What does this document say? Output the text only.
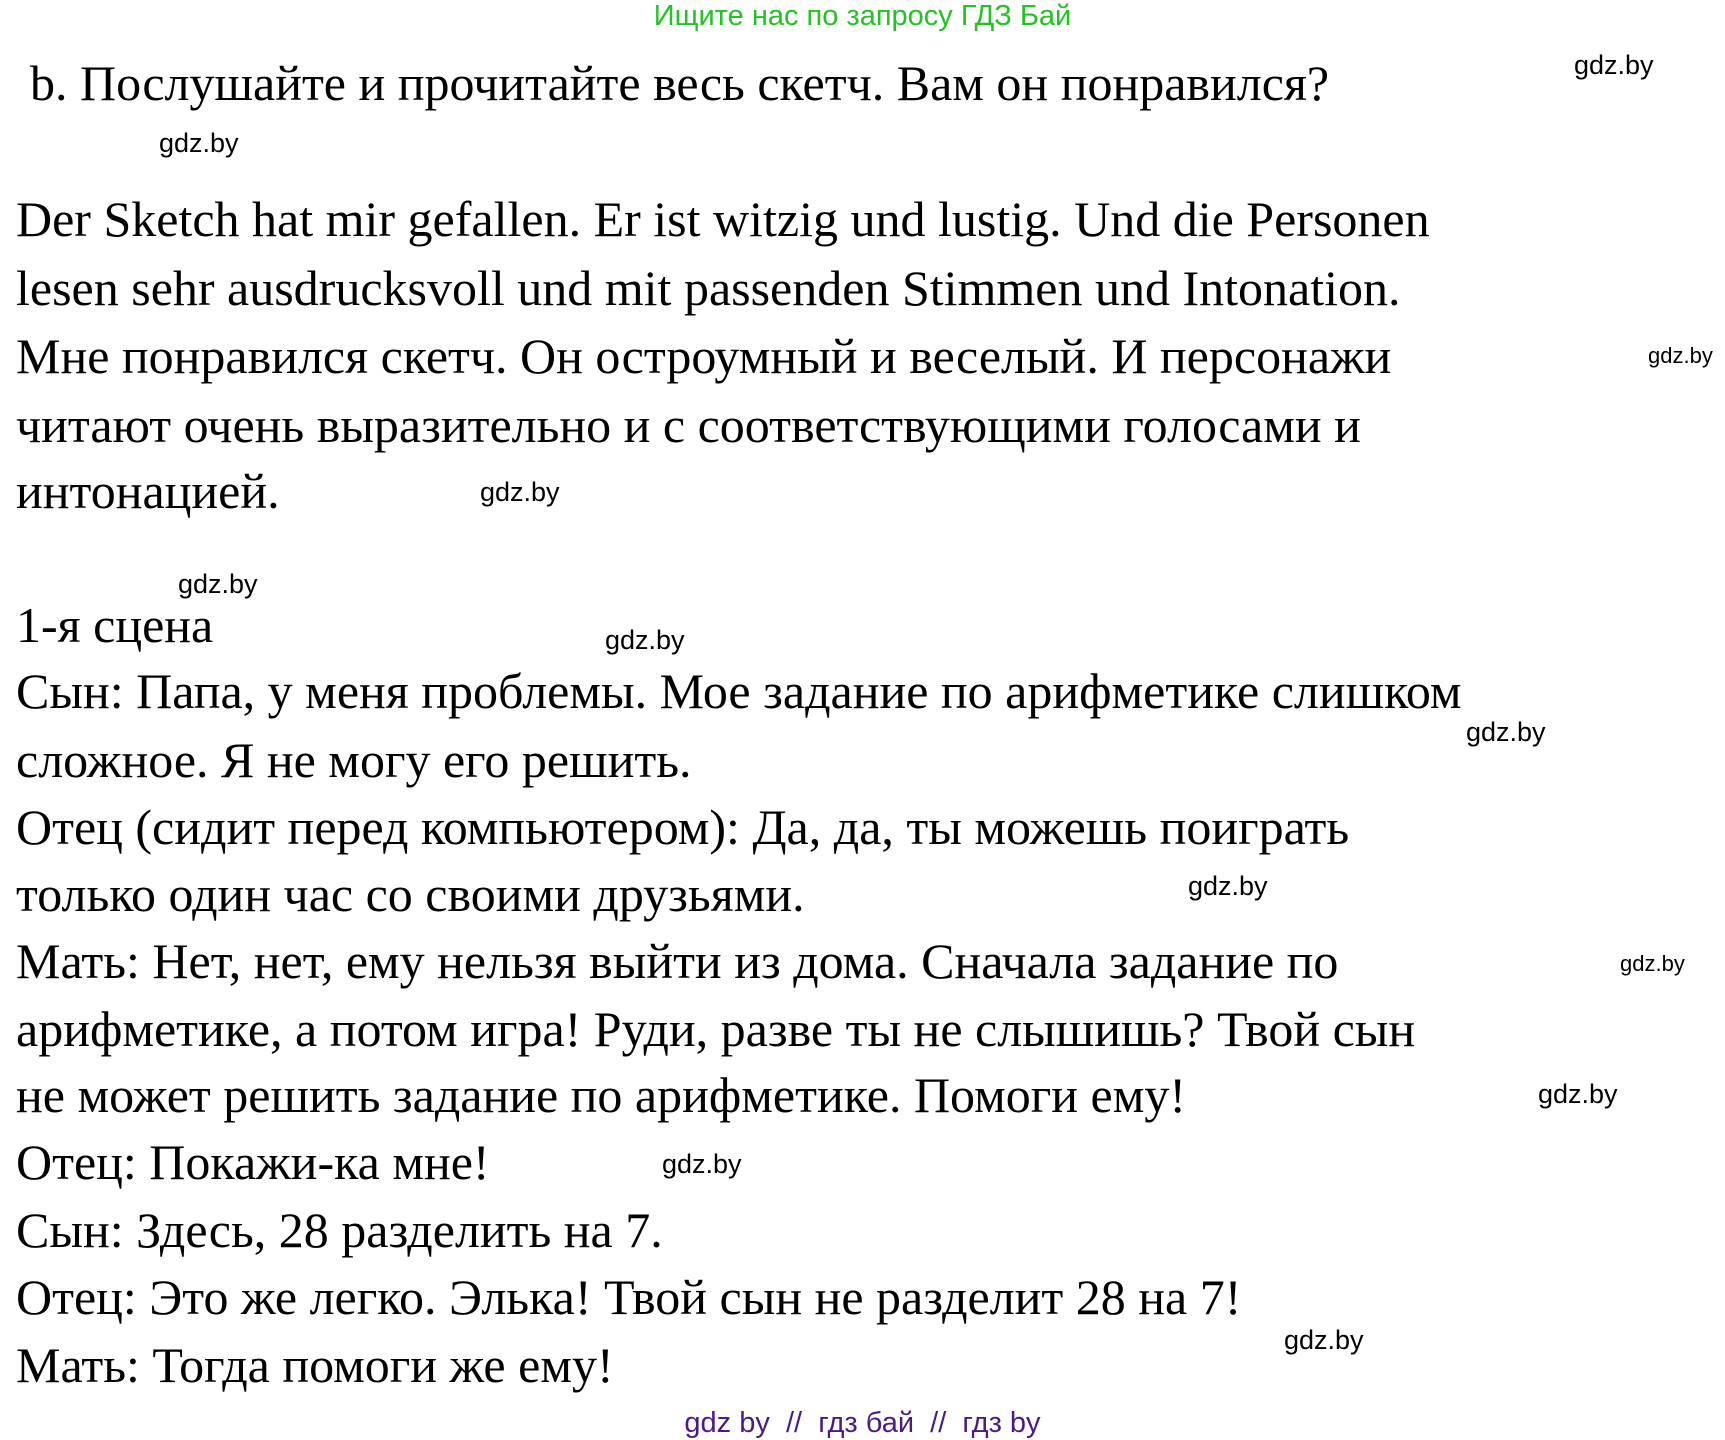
Ищите нас по запросу ГДЗ Бай
b. Послушайте и прочитайте весь скетч. Вам он понравился?
Der Sketch hat mir gefallen. Er ist witzig und lustig. Und die Personen
lesen sehr ausdrucksvoll und mit passenden Stimmen und Intonation.
Мне понравился скетч. Он остроумный и веселый. И персонажи
читают очень выразительно и с соответствующими голосами и
интонацией.
1-я сцена
Сын: Папа, у меня проблемы. Мое задание по арифметике слишком
сложное. Я не могу его решить.
Отец (сидит перед компьютером): Да, да, ты можешь поиграть
только один час со своими друзьями.
Мать: Нет, нет, ему нельзя выйти из дома. Сначала задание по
арифметике, а потом игра! Руди, разве ты не слышишь? Твой сын
не может решить задание по арифметике. Помоги ему!
Отец: Покажи-ка мне!
Сын: Здесь, 28 разделить на 7.
Отец: Это же легко. Элька! Твой сын не разделит 28 на 7!
Мать: Тогда помоги же ему!
gdz.by
gdz.by
gdz.by
gdz.by
gdz.by
gdz.by
gdz.by
gdz.by
gdz.by
gdz.by
gdz.by
gdz.by
gdz by  //  гдз бай  //  гдз by
